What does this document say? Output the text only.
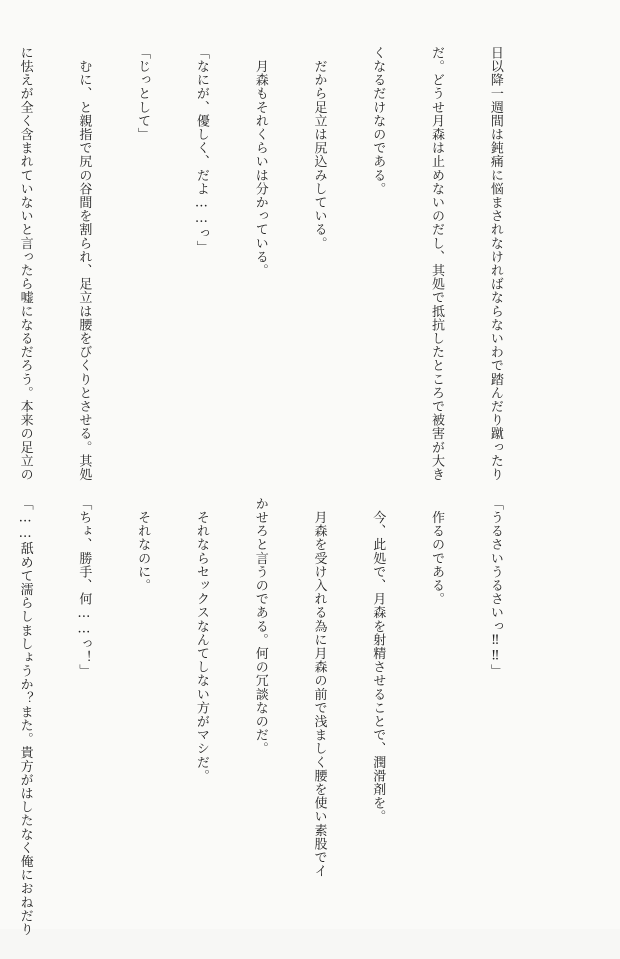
日以降一週間は鈍痛に悩まされなければならないわで踏んだり蹴ったり

だ。どうせ月森は止めないのだし、其処で抵抗したところで被害が大き

くなるだけなのである。

　だから足立は尻込みしている。

　月森もそれくらいは分かっている。

「なにが、優しく、だよ……っ」

「じっとして」

　むに、と親指で尻の谷間を割られ、足立は腰をびくりとさせる。其処

に怯えが全く含まれていないと言ったら嘘になるだろう。本来の足立の

「うるさいうるさいっ‼‼」

　作るのである。

　今、此処で、月森を射精させることで、潤滑剤を。

　月森を受け入れる為に月森の前で浅ましく腰を使い素股でイ

かせろと言うのである。何の冗談なのだ。

　それならセックスなんてしない方がマシだ。

　それなのに。

「ちょ、勝手、何……っ！」

「……舐めて濡らしましょうか？また。貴方がはしたなく俺におねだり
